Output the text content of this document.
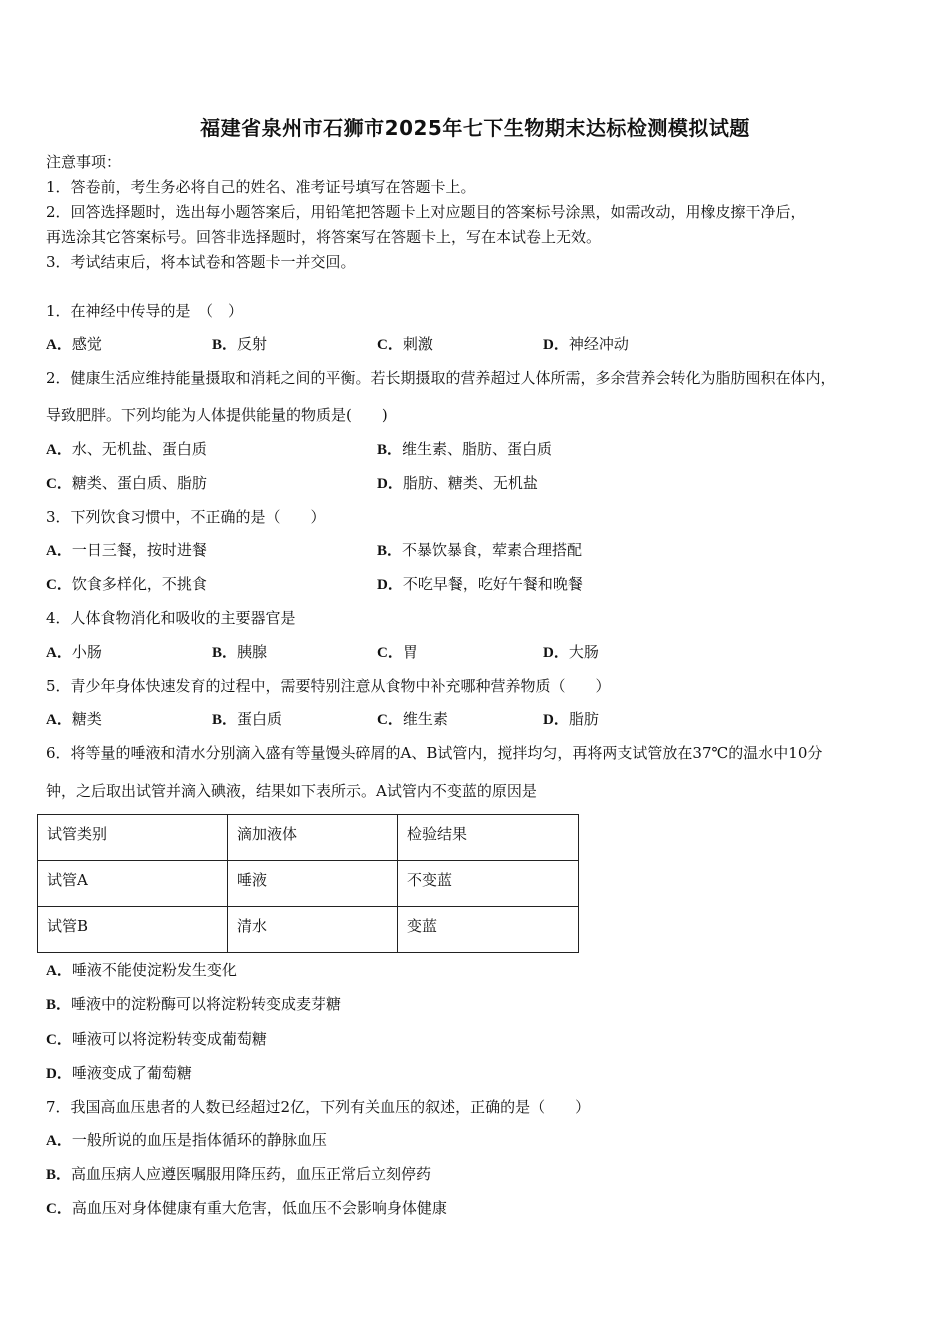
福建省泉州市石狮市2025年七下生物期末达标检测模拟试题
注意事项：
1．答卷前，考生务必将自己的姓名、准考证号填写在答题卡上。
2．回答选择题时，选出每小题答案后，用铅笔把答题卡上对应题目的答案标号涂黑，如需改动，用橡皮擦干净后，
再选涂其它答案标号。回答非选择题时，将答案写在答题卡上，写在本试卷上无效。
3．考试结束后，将本试卷和答题卡一并交回。
1．在神经中传导的是　（　）
A．感觉	B．反射	C．刺激	D．神经冲动
2．健康生活应维持能量摄取和消耗之间的平衡。若长期摄取的营养超过人体所需，多余营养会转化为脂肪囤积在体内，
导致肥胖。下列均能为人体提供能量的物质是(　　)
A．水、无机盐、蛋白质	B．维生素、脂肪、蛋白质
C．糖类、蛋白质、脂肪	D．脂肪、糖类、无机盐
3．下列饮食习惯中，不正确的是（　　）
A．一日三餐，按时进餐	B．不暴饮暴食，荤素合理搭配
C．饮食多样化，不挑食	D．不吃早餐，吃好午餐和晚餐
4．人体食物消化和吸收的主要器官是
A．小肠	B．胰腺	C．胃	D．大肠
5．青少年身体快速发育的过程中，需要特别注意从食物中补充哪种营养物质（　　）
A．糖类	B．蛋白质	C．维生素	D．脂肪
6．将等量的唾液和清水分别滴入盛有等量馒头碎屑的A、B试管内，搅拌均匀，再将两支试管放在37℃的温水中10分
钟，之后取出试管并滴入碘液，结果如下表所示。A试管内不变蓝的原因是
试管类别	滴加液体	检验结果
试管A	唾液	不变蓝
试管B	清水	变蓝
A．唾液不能使淀粉发生变化
B．唾液中的淀粉酶可以将淀粉转变成麦芽糖
C．唾液可以将淀粉转变成葡萄糖
D．唾液变成了葡萄糖
7．我国高血压患者的人数已经超过2亿，下列有关血压的叙述，正确的是（　　）
A．一般所说的血压是指体循环的静脉血压
B．高血压病人应遵医嘱服用降压药，血压正常后立刻停药
C．高血压对身体健康有重大危害，低血压不会影响身体健康
